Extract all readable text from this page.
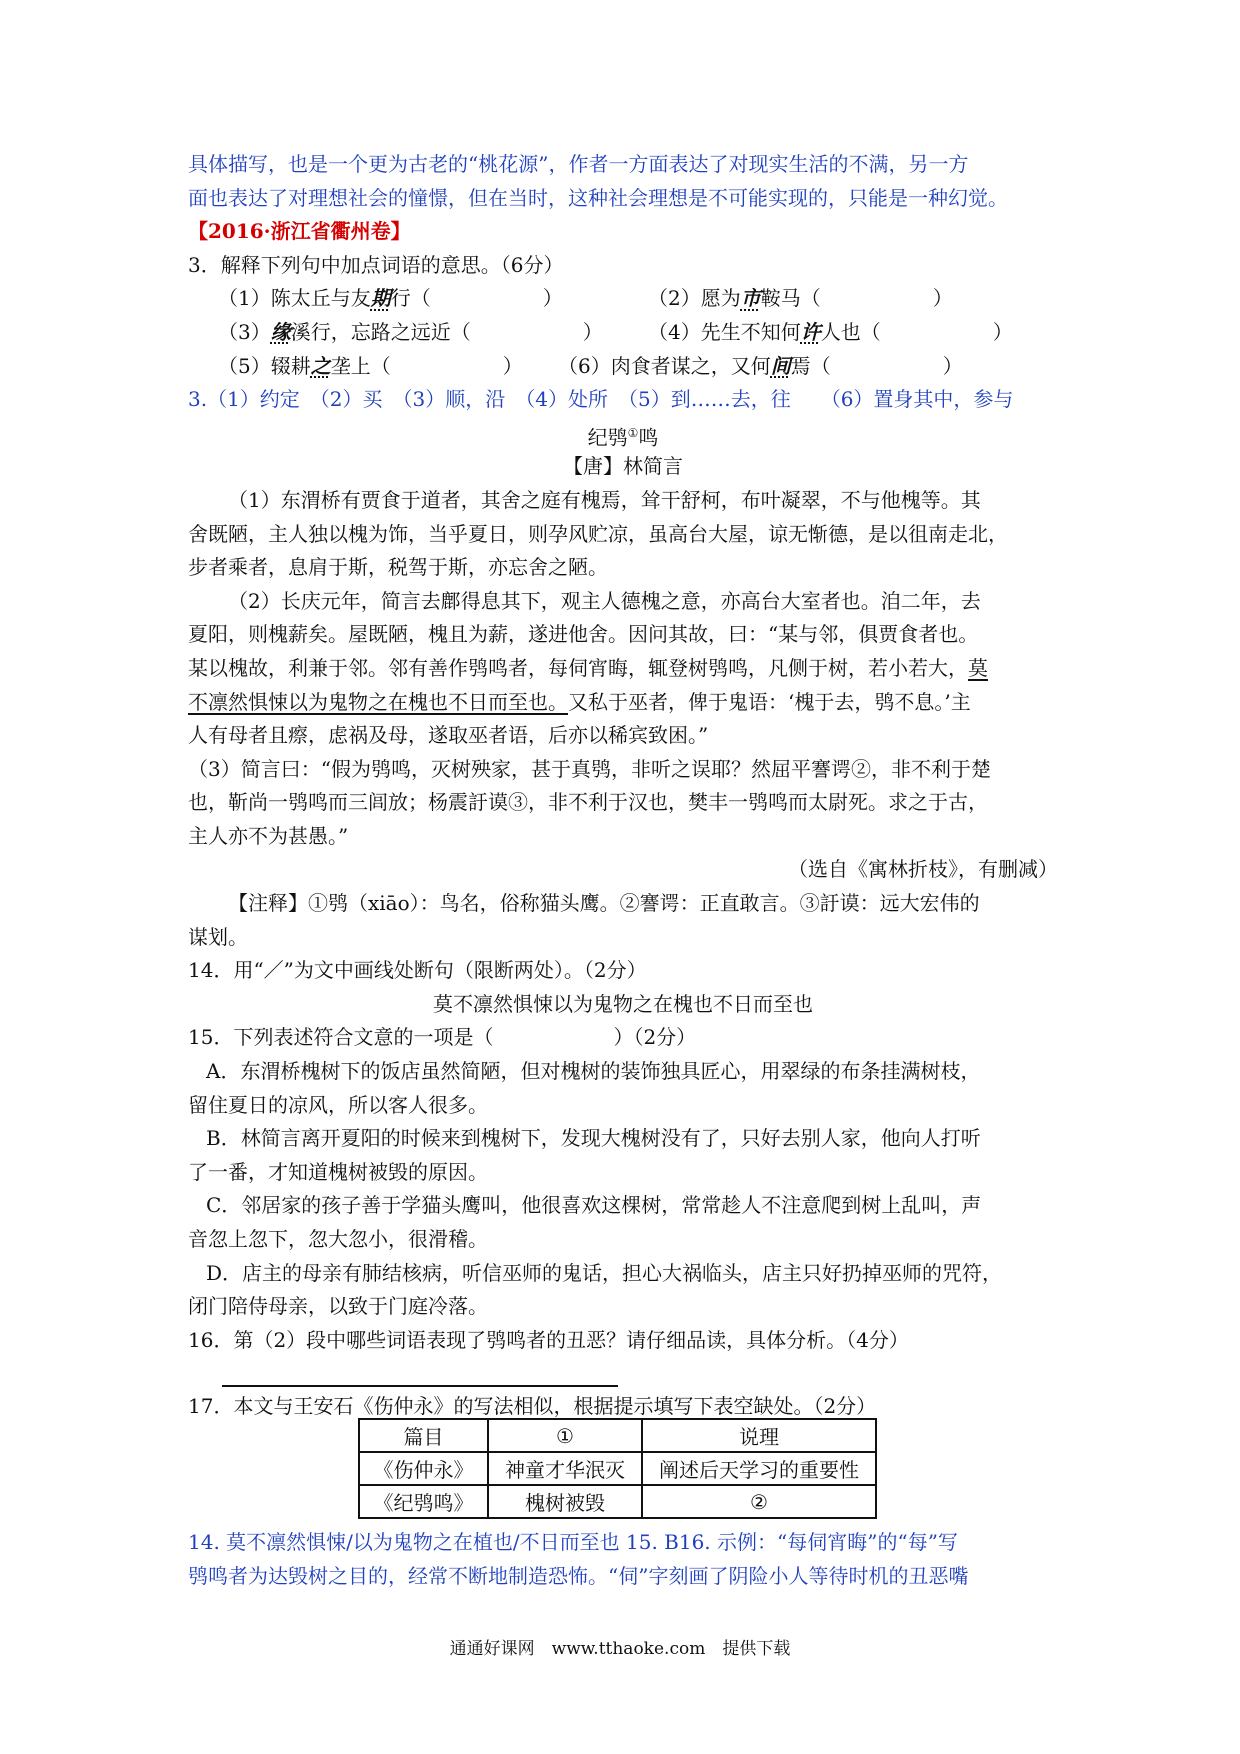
具体描写，也是一个更为古老的“桃花源”，作者一方面表达了对现实生活的不满，另一方
面也表达了对理想社会的憧憬，但在当时，这种社会理想是不可能实现的，只能是一种幻觉。
【2016·浙江省衢州卷】
3．解释下列句中加点词语的意思。（6分）
（1）陈太丘与友期行（	）	（2）愿为市鞍马（	）
（3）缘溪行，忘路之远近（	） （4）先生不知何许人也（	）
（5）辍耕之垄上（	） （6）肉食者谋之，又何间焉（	）
3.（1）约定　（2）买　（3）顺，沿　（4）处所　（5）到……去，往　　（6）置身其中，参与
纪鸮①鸣
【唐】林简言
（1）东渭桥有贾食于道者，其舍之庭有槐焉，耸干舒柯，布叶凝翠，不与他槐等。其
舍既陋，主人独以槐为饰，当乎夏日，则孕风贮凉，虽高台大屋，谅无惭德，是以徂南走北，
步者乘者，息肩于斯，税驾于斯，亦忘舍之陋。
（2）长庆元年，简言去鄜得息其下，观主人德槐之意，亦高台大室者也。洎二年，去
夏阳，则槐薪矣。屋既陋，槐且为薪，遂进他舍。因问其故，曰：“某与邻，俱贾食者也。
某以槐故，利兼于邻。邻有善作鸮鸣者，每伺宵晦，辄登树鸮鸣，凡侧于树，若小若大，莫
不凛然惧悚以为鬼物之在槐也不日而至也。又私于巫者，俾于鬼语：‘槐于去，鸮不息。’主
人有母者且瘵，虑祸及母，遂取巫者语，后亦以稀宾致困。”
（3）简言曰：“假为鸮鸣，灭树殃家，甚于真鸮，非听之误耶？然屈平謇谔②，非不利于楚
也，靳尚一鸮鸣而三闾放；杨震訏谟③，非不利于汉也，樊丰一鸮鸣而太尉死。求之于古，
主人亦不为甚愚。”
（选自《寓林折枝》，有删减）
【注释】①鸮（xiāo）：鸟名，俗称猫头鹰。②謇谔：正直敢言。③訏谟：远大宏伟的
谋划。
14．用“／”为文中画线处断句（限断两处）。（2分）
莫不凛然惧悚以为鬼物之在槐也不日而至也
15．下列表述符合文意的一项是（	）（2分）
A．东渭桥槐树下的饭店虽然简陋，但对槐树的装饰独具匠心，用翠绿的布条挂满树枝，
留住夏日的凉风，所以客人很多。
B．林简言离开夏阳的时候来到槐树下，发现大槐树没有了，只好去别人家，他向人打听
了一番，才知道槐树被毁的原因。
C．邻居家的孩子善于学猫头鹰叫，他很喜欢这棵树，常常趁人不注意爬到树上乱叫，声
音忽上忽下，忽大忽小，很滑稽。
D．店主的母亲有肺结核病，听信巫师的鬼话，担心大祸临头，店主只好扔掉巫师的咒符，
闭门陪侍母亲，以致于门庭冷落。
16．第（2）段中哪些词语表现了鸮鸣者的丑恶？请仔细品读，具体分析。（4分）
17．本文与王安石《伤仲永》的写法相似，根据提示填写下表空缺处。（2分）
篇目	①	说理
《伤仲永》	神童才华泯灭	阐述后天学习的重要性
《纪鸮鸣》	槐树被毁	②
14. 莫不凛然惧悚/以为鬼物之在植也/不日而至也 15. B16. 示例：“每伺宵晦”的“每”写
鸮鸣者为达毁树之目的，经常不断地制造恐怖。“伺”字刻画了阴险小人等待时机的丑恶嘴
通通好课网　www.tthaoke.com　提供下载
